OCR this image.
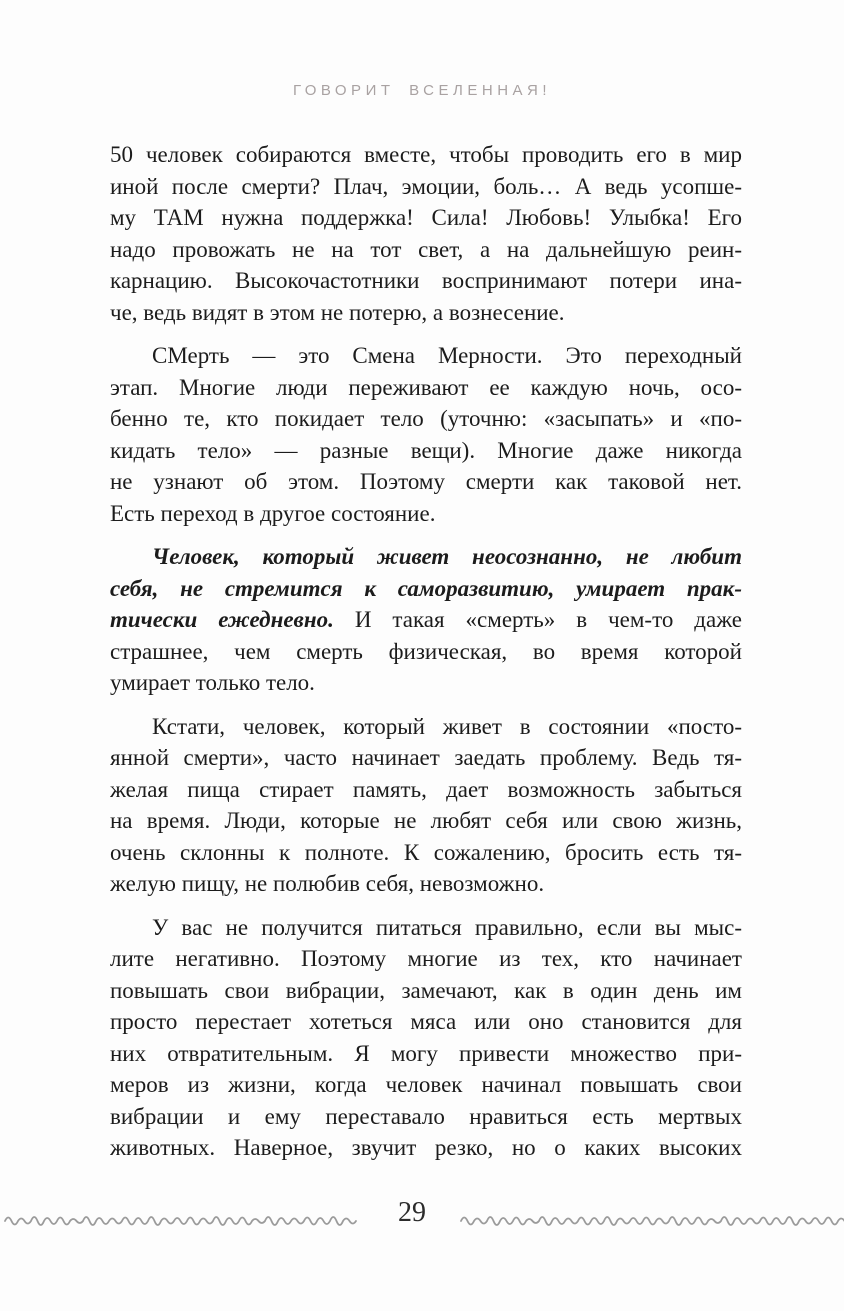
ГОВОРИТ ВСЕЛЕННАЯ!
50 человек собираются вместе, чтобы проводить его в мир
иной после смерти? Плач, эмоции, боль… А ведь усопше-
му ТАМ нужна поддержка! Сила! Любовь! Улыбка! Его
надо провожать не на тот свет, а на дальнейшую реин-
карнацию. Высокочастотники воспринимают потери ина-
че, ведь видят в этом не потерю, а вознесение.
СМерть — это Смена Мерности. Это переходный
этап. Многие люди переживают ее каждую ночь, осо-
бенно те, кто покидает тело (уточню: «засыпать» и «по-
кидать тело» — разные вещи). Многие даже никогда
не узнают об этом. Поэтому смерти как таковой нет.
Есть переход в другое состояние.
Человек, который живет неосознанно, не любит
себя, не стремится к саморазвитию, умирает прак-
тически ежедневно. И такая «смерть» в чем-то даже
страшнее, чем смерть физическая, во время которой
умирает только тело.
Кстати, человек, который живет в состоянии «посто-
янной смерти», часто начинает заедать проблему. Ведь тя-
желая пища стирает память, дает возможность забыться
на время. Люди, которые не любят себя или свою жизнь,
очень склонны к полноте. К сожалению, бросить есть тя-
желую пищу, не полюбив себя, невозможно.
У вас не получится питаться правильно, если вы мыс-
лите негативно. Поэтому многие из тех, кто начинает
повышать свои вибрации, замечают, как в один день им
просто перестает хотеться мяса или оно становится для
них отвратительным. Я могу привести множество при-
меров из жизни, когда человек начинал повышать свои
вибрации и ему переставало нравиться есть мертвых
животных. Наверное, звучит резко, но о каких высоких
29
